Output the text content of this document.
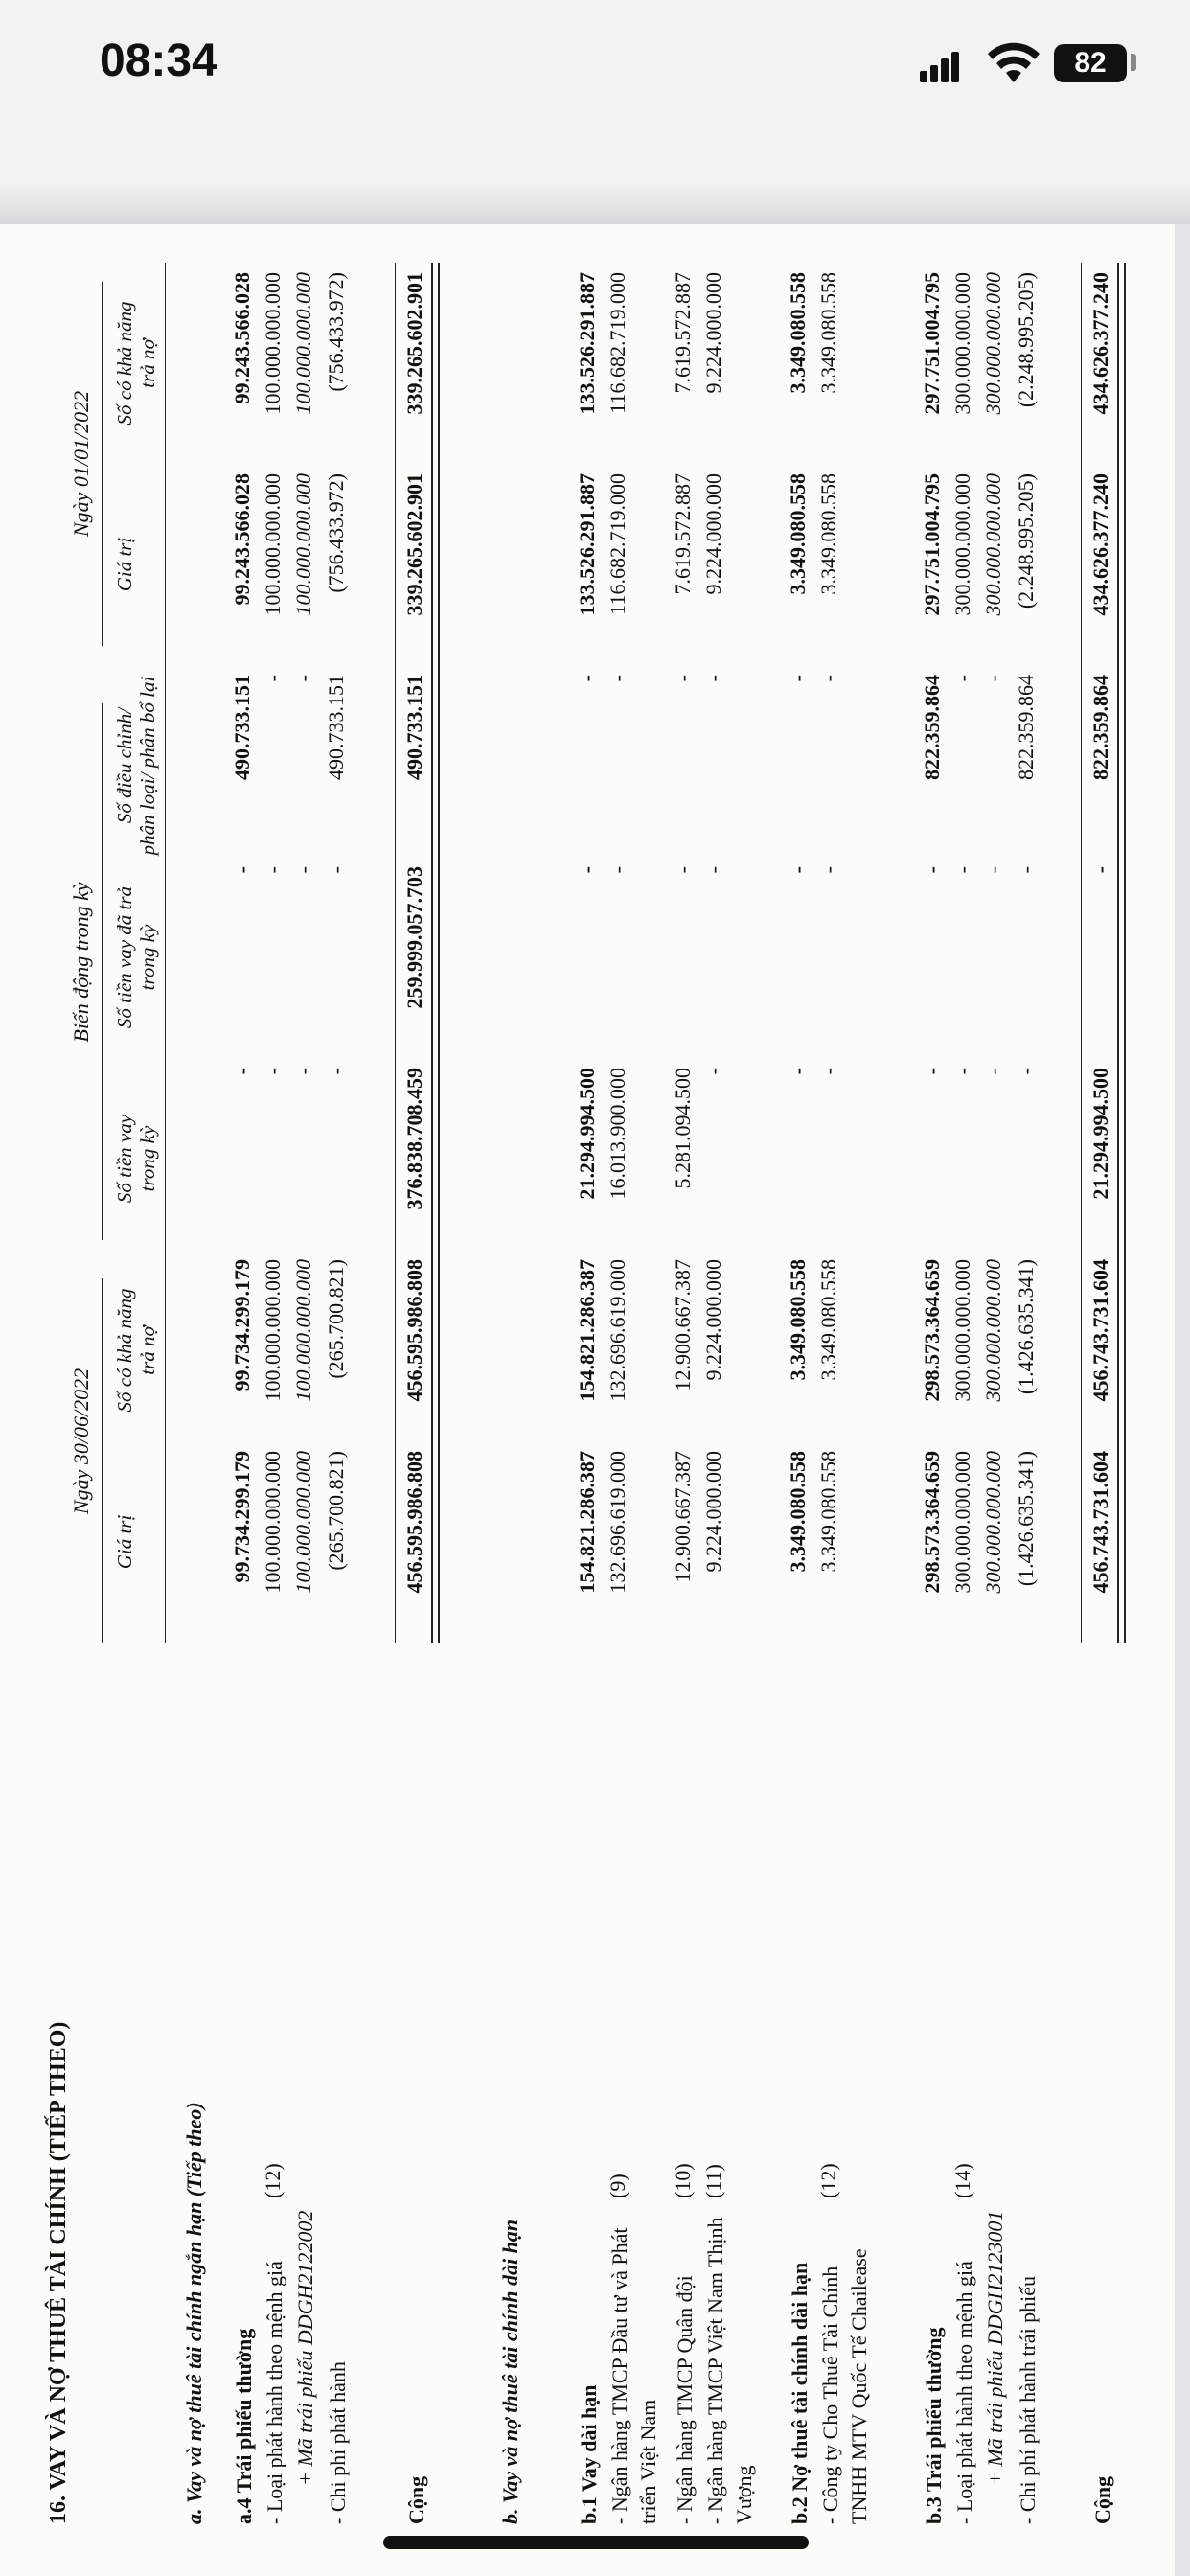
08:34	82
16. VAY VÀ NỢ THUÊ TÀI CHÍNH (TIẾP THEO)
Ngày 30/06/2022
Biến động trong kỳ
Ngày 01/01/2022
Giá trị
Số có khả năng trả nợ
Số tiền vay trong kỳ
Số tiền vay đã trả trong kỳ
Số điều chỉnh/ phân loại/ phân bổ lại
Giá trị
Số có khả năng trả nợ
a. Vay và nợ thuê tài chính ngắn hạn (Tiếp theo)	b. Vay và nợ thuê tài chính dài hạn
a.4 Trái phiếu thường
99.734.299.179
99.734.299.179
-
-
490.733.151
99.243.566.028
99.243.566.028
- Loại phát hành theo mệnh giá
(12)
100.000.000.000
100.000.000.000
-
-
-
100.000.000.000
100.000.000.000
+ Mã trái phiếu DDGH2122002
100.000.000.000
100.000.000.000
-
-
-
100.000.000.000
100.000.000.000
- Chi phí phát hành
(265.700.821)
(265.700.821)
-
-
490.733.151
(756.433.972)
(756.433.972)
Cộng
456.595.986.808
456.595.986.808
376.838.708.459
259.999.057.703
490.733.151
339.265.602.901
339.265.602.901
b.1 Vay dài hạn
154.821.286.387
154.821.286.387
21.294.994.500
-
-
133.526.291.887
133.526.291.887
- Ngân hàng TMCP Đầu tư và Phát triển Việt Nam
(9)
132.696.619.000
132.696.619.000
16.013.900.000
-
-
116.682.719.000
116.682.719.000
- Ngân hàng TMCP Quân đội
(10)
12.900.667.387
12.900.667.387
5.281.094.500
-
-
7.619.572.887
7.619.572.887
- Ngân hàng TMCP Việt Nam Thịnh Vượng
(11)
9.224.000.000
9.224.000.000
-
-
-
9.224.000.000
9.224.000.000
b.2 Nợ thuê tài chính dài hạn
3.349.080.558
3.349.080.558
-
-
-
3.349.080.558
3.349.080.558
- Công ty Cho Thuê Tài Chính TNHH MTV Quốc Tế Chailease
(12)
3.349.080.558
3.349.080.558
-
-
-
3.349.080.558
3.349.080.558
b.3 Trái phiếu thường
298.573.364.659
298.573.364.659
-
-
822.359.864
297.751.004.795
297.751.004.795
- Loại phát hành theo mệnh giá
(14)
300.000.000.000
300.000.000.000
-
-
-
300.000.000.000
300.000.000.000
+ Mã trái phiếu DDGH2123001
300.000.000.000
300.000.000.000
-
-
-
300.000.000.000
300.000.000.000
- Chi phí phát hành trái phiếu
(1.426.635.341)
(1.426.635.341)
-
-
822.359.864
(2.248.995.205)
(2.248.995.205)
Cộng
456.743.731.604
456.743.731.604
21.294.994.500
-
822.359.864
434.626.377.240
434.626.377.240
